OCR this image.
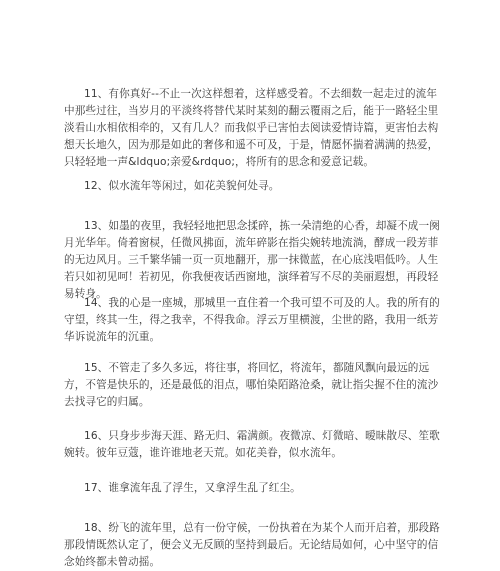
11、有你真好--不止一次这样想着，这样感受着。不去细数一起走过的流年中那些过往，当岁月的平淡终将替代某时某刻的翻云覆雨之后，能于一路轻尘里淡看山水相依相牵的，又有几人？而我似乎已害怕去阅读爱情诗篇，更害怕去构想天长地久，因为那是如此的奢侈和遥不可及，于是，情愿怀揣着满满的热爱，只轻轻地一声&ldquo;亲爱&rdquo;，将所有的思念和爱意记载。

12、似水流年等闲过，如花美貌何处寻。

13、如墨的夜里，我轻轻地把思念揉碎，拣一朵清绝的心香，却凝不成一阕月光华年。倚着窗棂，任微风拂面，流年碎影在指尖婉转地流淌，酵成一段芳菲的无边风月。三千繁华铺一页一页地翻开，那一抹微蓝，在心底浅唱低吟。人生若只如初见呵！若初见，你我便夜话西窗地，演绎着写不尽的美丽遐想，再段轻易转身。

14、我的心是一座城，那城里一直住着一个我可望不可及的人。我的所有的守望，终其一生，得之我幸，不得我命。浮云万里横渡，尘世的路，我用一纸芳华诉说流年的沉重。

15、不管走了多久多远，将往事，将回忆，将流年，都随风飘向最远的远方，不管是快乐的，还是最低的泪点，哪怕染陌路沧桑，就让指尖握不住的流沙去找寻它的归属。

16、只身步步海天涯、路无归、霜满颜。夜微凉、灯微暗、暧昧散尽、笙歌婉转。彼年豆蔻，谁许谁地老天荒。如花美眷，似水流年。

17、谁拿流年乱了浮生，又拿浮生乱了红尘。

18、纷飞的流年里，总有一份守候，一份执着在为某个人而开启着，那段路那段情既然认定了，便会义无反顾的坚持到最后。无论结局如何，心中坚守的信念始终都未曾动摇。
